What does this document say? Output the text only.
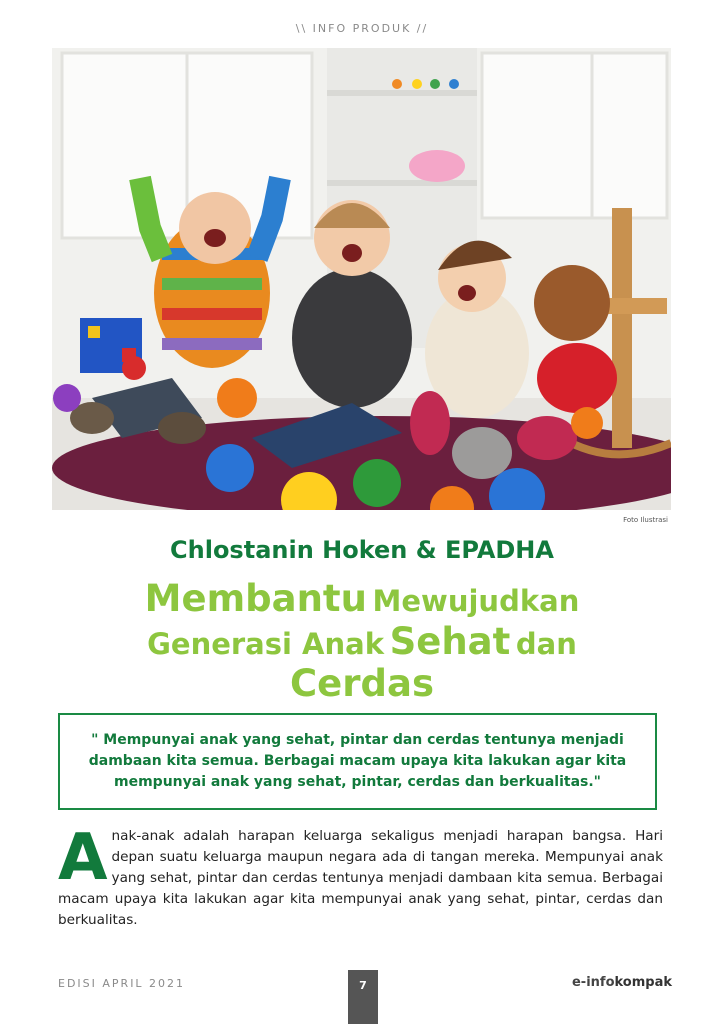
\\ INFO PRODUK //
Foto Ilustrasi
Chlostanin Hoken & EPADHA
Membantu Mewujudkan
Generasi Anak Sehat dan
Cerdas
" Mempunyai anak yang sehat, pintar dan cerdas tentunya menjadi dambaan kita semua. Berbagai macam upaya kita lakukan agar kita mempunyai anak yang sehat, pintar, cerdas dan berkualitas."
A nak-anak adalah harapan keluarga sekaligus menjadi harapan bangsa. Hari depan suatu keluarga maupun negara ada di tangan mereka. Mempunyai anak yang sehat, pintar dan cerdas tentunya menjadi dambaan kita semua. Berbagai macam upaya kita lakukan agar kita mempunyai anak yang sehat, pintar, cerdas dan berkualitas.
EDISI APRIL 2021	7	e-infokompak
